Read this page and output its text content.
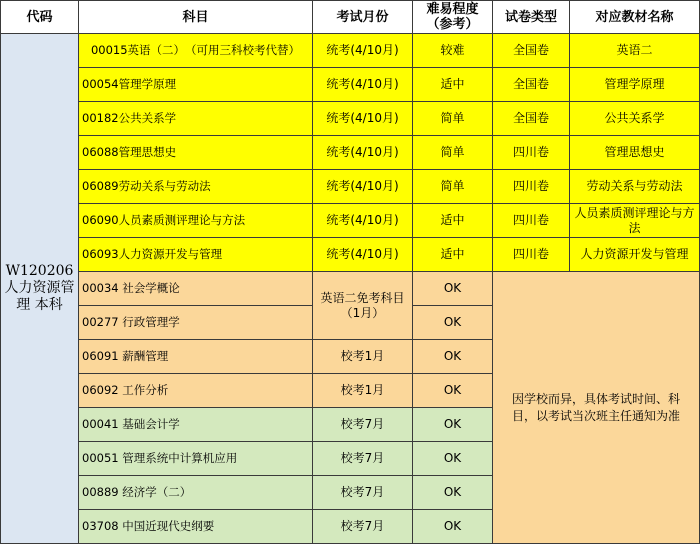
代码	科目	考试月份	难易程度（参考）	试卷类型	对应教材名称

W120206
人力资源管理 本科	00015英语（二）　（可用三科校考代替）	统考(4/10月)	较难	全国卷	英语二
	00054管理学原理	统考(4/10月)	适中	全国卷	管理学原理
	00182公共关系学	统考(4/10月)	简单	全国卷	公共关系学
	06088管理思想史	统考(4/10月)	简单	四川卷	管理思想史
	06089劳动关系与劳动法	统考(4/10月)	简单	四川卷	劳动关系与劳动法
	06090人员素质测评理论与方法	统考(4/10月)	适中	四川卷	人员素质测评理论与方法
	06093人力资源开发与管理	统考(4/10月)	适中	四川卷	人力资源开发与管理
	00034 社会学概论	英语二免考科目（1月）	OK	因学校而异，具体考试时间、科目，以考试当次班主任通知为准	
	00277 行政管理学		OK		
	06091 薪酬管理	校考1月	OK		
	06092 工作分析	校考1月	OK		
	00041 基础会计学	校考7月	OK		
	00051 管理系统中计算机应用	校考7月	OK		
	00889 经济学（二）	校考7月	OK		
	03708 中国近现代史纲要	校考7月	OK		
